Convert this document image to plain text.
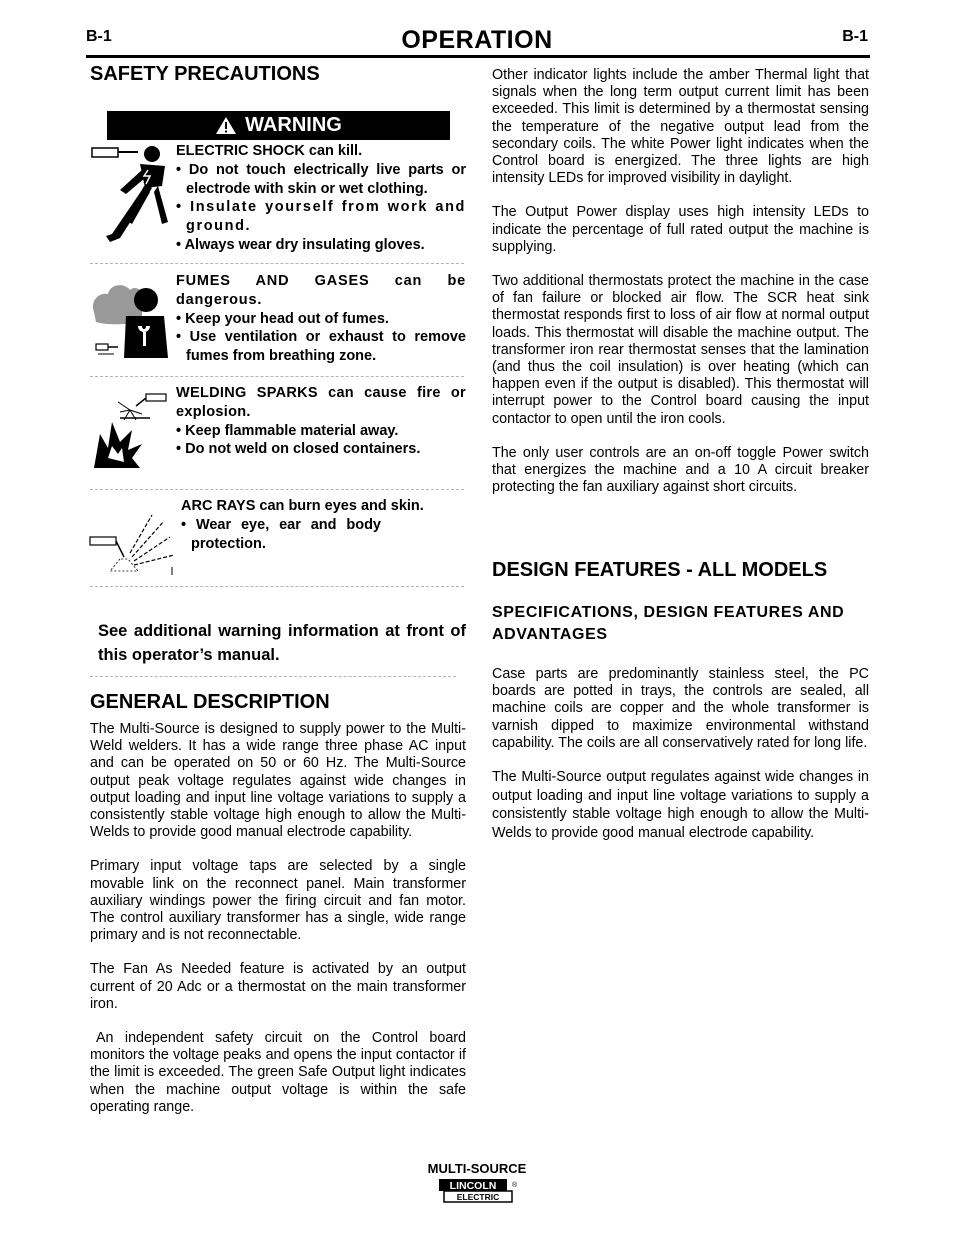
B-1	OPERATION	B-1
SAFETY PRECAUTIONS
WARNING
ELECTRIC SHOCK can kill.
• Do not touch electrically live parts or electrode with skin or wet clothing.
• Insulate yourself from work and ground.
• Always wear dry insulating gloves.
FUMES AND GASES can be dangerous.
• Keep your head out of fumes.
• Use ventilation or exhaust to remove fumes from breathing zone.
WELDING SPARKS can cause fire or explosion.
• Keep flammable material away.
• Do not weld on closed containers.
ARC RAYS can burn eyes and skin.
• Wear eye, ear and body protection.
See additional warning information at front of this operator’s manual.
GENERAL DESCRIPTION

The Multi-Source is designed to supply power to the Multi-Weld welders. It has a wide range three phase AC input and can be operated on 50 or 60 Hz. The Multi-Source output peak voltage regulates against wide changes in output loading and input line voltage variations to supply a consistently stable voltage high enough to allow the Multi-Welds to provide good manual electrode capability.

Primary input voltage taps are selected by a single movable link on the reconnect panel. Main transformer auxiliary windings power the firing circuit and fan motor. The control auxiliary transformer has a single, wide range primary and is not reconnectable.

The Fan As Needed feature is activated by an output current of 20 Adc or a thermostat on the main transformer iron.

An independent safety circuit on the Control board monitors the voltage peaks and opens the input contactor if the limit is exceeded. The green Safe Output light indicates when the machine output voltage is within the safe operating range.

Other indicator lights include the amber Thermal light that signals when the long term output current limit has been exceeded. This limit is determined by a thermostat sensing the temperature of the negative output lead from the secondary coils. The white Power light indicates when the Control board is energized. The three lights are high intensity LEDs for improved visibility in daylight.

The Output Power display uses high intensity LEDs to indicate the percentage of full rated output the machine is supplying.

Two additional thermostats protect the machine in the case of fan failure or blocked air flow. The SCR heat sink thermostat responds first to loss of air flow at normal output loads. This thermostat will disable the machine output. The transformer iron rear thermostat senses that the lamination (and thus the coil insulation) is over heating (which can happen even if the output is disabled). This thermostat will interrupt power to the Control board causing the input contactor to open until the iron cools.

The only user controls are an on-off toggle Power switch that energizes the machine and a 10 A circuit breaker protecting the fan auxiliary against short circuits.

DESIGN FEATURES - ALL MODELS
SPECIFICATIONS, DESIGN FEATURES AND ADVANTAGES

Case parts are predominantly stainless steel, the PC boards are potted in trays, the controls are sealed, all machine coils are copper and the whole transformer is varnish dipped to maximize environmental withstand capability. The coils are all conservatively rated for long life.

The Multi-Source output regulates against wide changes in output loading and input line voltage variations to supply a consistently stable voltage high enough to allow the Multi-Welds to provide good manual electrode capability.

MULTI-SOURCE
LINCOLN
ELECTRIC
®
